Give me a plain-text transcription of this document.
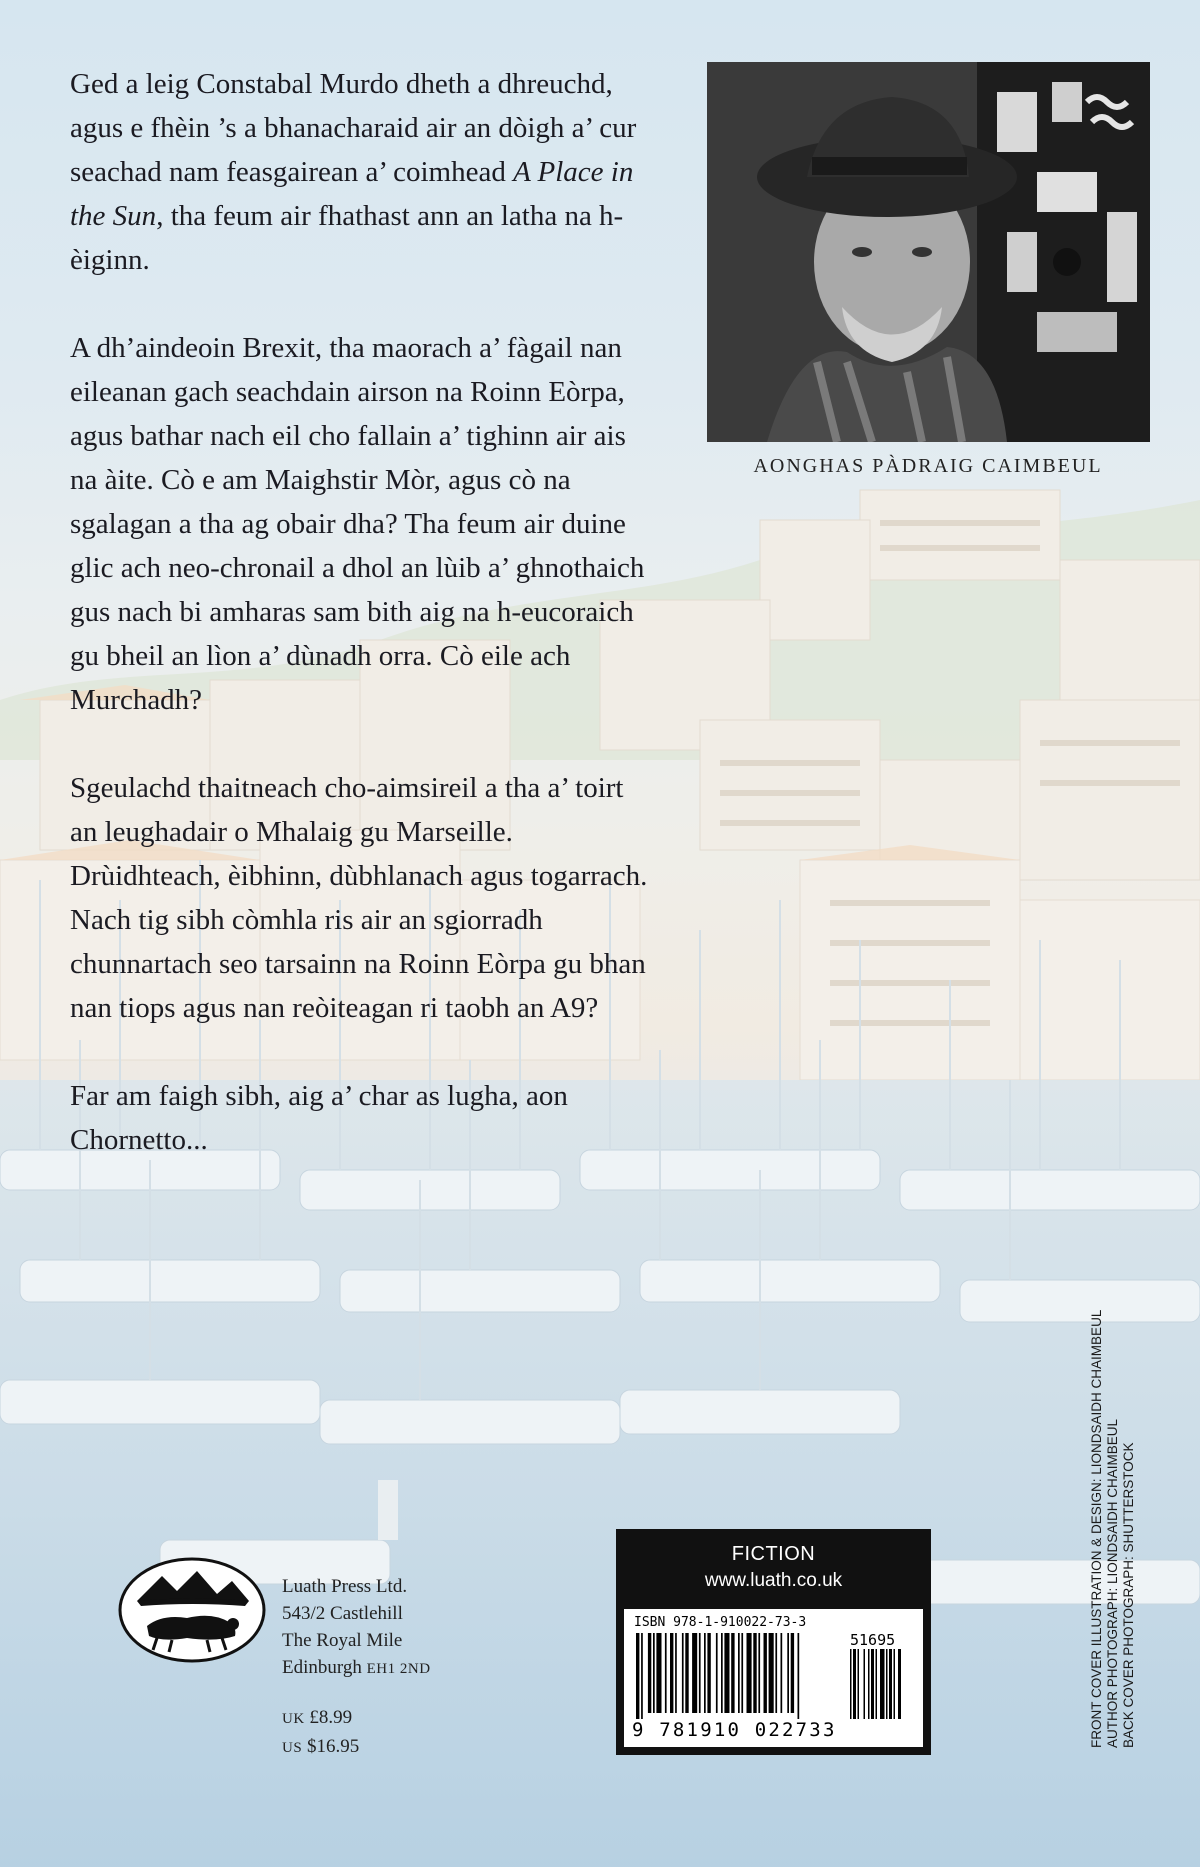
Ged a leig Constabal Murdo dheth a dhreuchd, agus e fhèin ’s a bhanacharaid air an dòigh a’ cur seachad nam feasgairean a’ coimhead A Place in the Sun, tha feum air fhathast ann an latha na h-èiginn.

A dh’aindeoin Brexit, tha maorach a’ fàgail nan eileanan gach seachdain airson na Roinn Eòrpa, agus bathar nach eil cho fallain a’ tighinn air ais na àite. Cò e am Maighstir Mòr, agus cò na sgalagan a tha ag obair dha? Tha feum air duine glic ach neo-chronail a dhol an lùib a’ ghnothaich gus nach bi amharas sam bith aig na h-eucoraich gu bheil an lìon a’ dùnadh orra. Cò eile ach Murchadh?

Sgeulachd thaitneach cho-aimsireil a tha a’ toirt an leughadair o Mhalaig gu Marseille. Drùidhteach, èibhinn, dùbhlanach agus togarrach. Nach tig sibh còmhla ris air an sgiorradh chunnartach seo tarsainn na Roinn Eòrpa gu bhan nan tiops agus nan reòiteagan ri taobh an A9?

Far am faigh sibh, aig a’ char as lugha, aon Chornetto...

AONGHAS PÀDRAIG CAIMBEUL
Luath Press Ltd.
543/2 Castlehill
The Royal Mile
Edinburgh EH1 2ND
UK £8.99
US $16.95
FICTION
www.luath.co.uk
ISBN 978-1-910022-73-3
51695
9 781910 022733	FRONT COVER ILLUSTRATION & DESIGN: LIONDSAIDH CHAIMBEUL AUTHOR PHOTOGRAPH: LIONDSAIDH CHAIMBEUL BACK COVER PHOTOGRAPH: SHUTTERSTOCK
